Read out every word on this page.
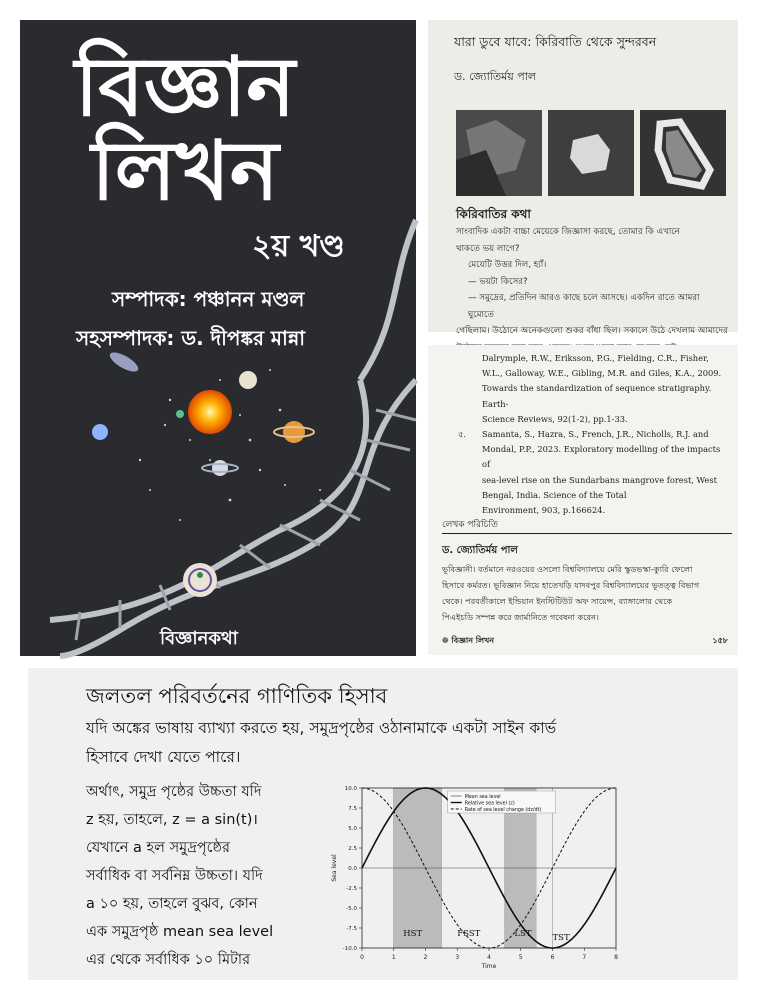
বিজ্ঞান
লিখন
২য় খণ্ড
সম্পাদক: পঞ্চানন মণ্ডল
সহসম্পাদক: ড. দীপঙ্কর মান্না
বিজ্ঞানকথা
যারা ডুবে যাবে: কিরিবাতি থেকে সুন্দরবন
ড. জ্যোতির্ময় পাল
কিরিবাতির কথা

সাংবাদিক একটা বাচ্চা মেয়েকে জিজ্ঞাসা করছে, তোমার কি এখানে

থাকতে ভয় লাগে?

মেয়েটি উত্তর দিল, হ্যাঁ।

— ভয়টা কিসের?

— সমুদ্রের, প্রতিদিন আরও কাছে চলে আসছে। একদিন রাতে আমরা ঘুমোতে

গেছিলাম। উঠোনে অনেকগুলো শুকর বাঁধা ছিল। সকালে উঠে দেখলাম আমাদের

Dalrymple, R.W., Eriksson, P.G., Fielding, C.R., Fisher,

W.L., Galloway, W.E., Gibling, M.R. and Giles, K.A., 2009.

Towards the standardization of sequence stratigraphy. Earth-

Science Reviews, 92(1-2), pp.1-33.

৫. Samanta, S., Hazra, S., French, J.R., Nicholls, R.J. and

Mondal, P.P., 2023. Exploratory modelling of the impacts of

sea-level rise on the Sundarbans mangrove forest, West

Bengal, India. Science of the Total

Environment, 903, p.166624.

লেখক পরিচিতি
ড. জ্যোতির্ময় পাল
ভূবিজ্ঞানী। বর্তমানে নরওয়ের ওসলো বিশ্ববিদ্যালয়ে মেরি স্কুডভস্কা-ক্যুরি ফেলো
হিসাবে কর্মরত। ভূবিজ্ঞান নিয়ে হাতেখড়ি যাদবপুর বিশ্ববিদ্যালয়ের ভূতত্ত্ব বিভাগ
থেকে। পরবর্তীকালে ইন্ডিয়ান ইনস্টিটিউট অফ সায়েন্স, ব্যাঙ্গালোর থেকে
পিএইচডি সম্পন্ন করে জার্মানিতে গবেষনা করেন।
❁ বিজ্ঞান লিখন	১৫৮
জলতল পরিবর্তনের গাণিতিক হিসাব
যদি অঙ্কের ভাষায় ব্যাখ্যা করতে হয়, সমুদ্রপৃষ্ঠের ওঠানামাকে একটা সাইন কার্ভ
হিসাবে দেখা যেতে পারে।

অর্থাৎ, সমুদ্র পৃষ্ঠের উচ্চতা যদি

z হয়, তাহলে, z = a sin(t)।

যেখানে a হল সমুদ্রপৃষ্ঠের

সর্বাধিক বা সর্বনিম্ন উচ্চতা। যদি

a ১০ হয়, তাহলে বুঝব, কোন

এক সমুদ্রপৃষ্ঠ mean sea level

এর থেকে সর্বাধিক ১০ মিটার	0	1	2	3	4	5	6	7	8
-10.0
-7.5
-5.0
-2.5
0.0
2.5
5.0
7.5
10.0
Time
Sea level
HST	FSST	LST TST
Mean sea level
Relative sea level (z)
Rate of sea level change (dz/dt)
